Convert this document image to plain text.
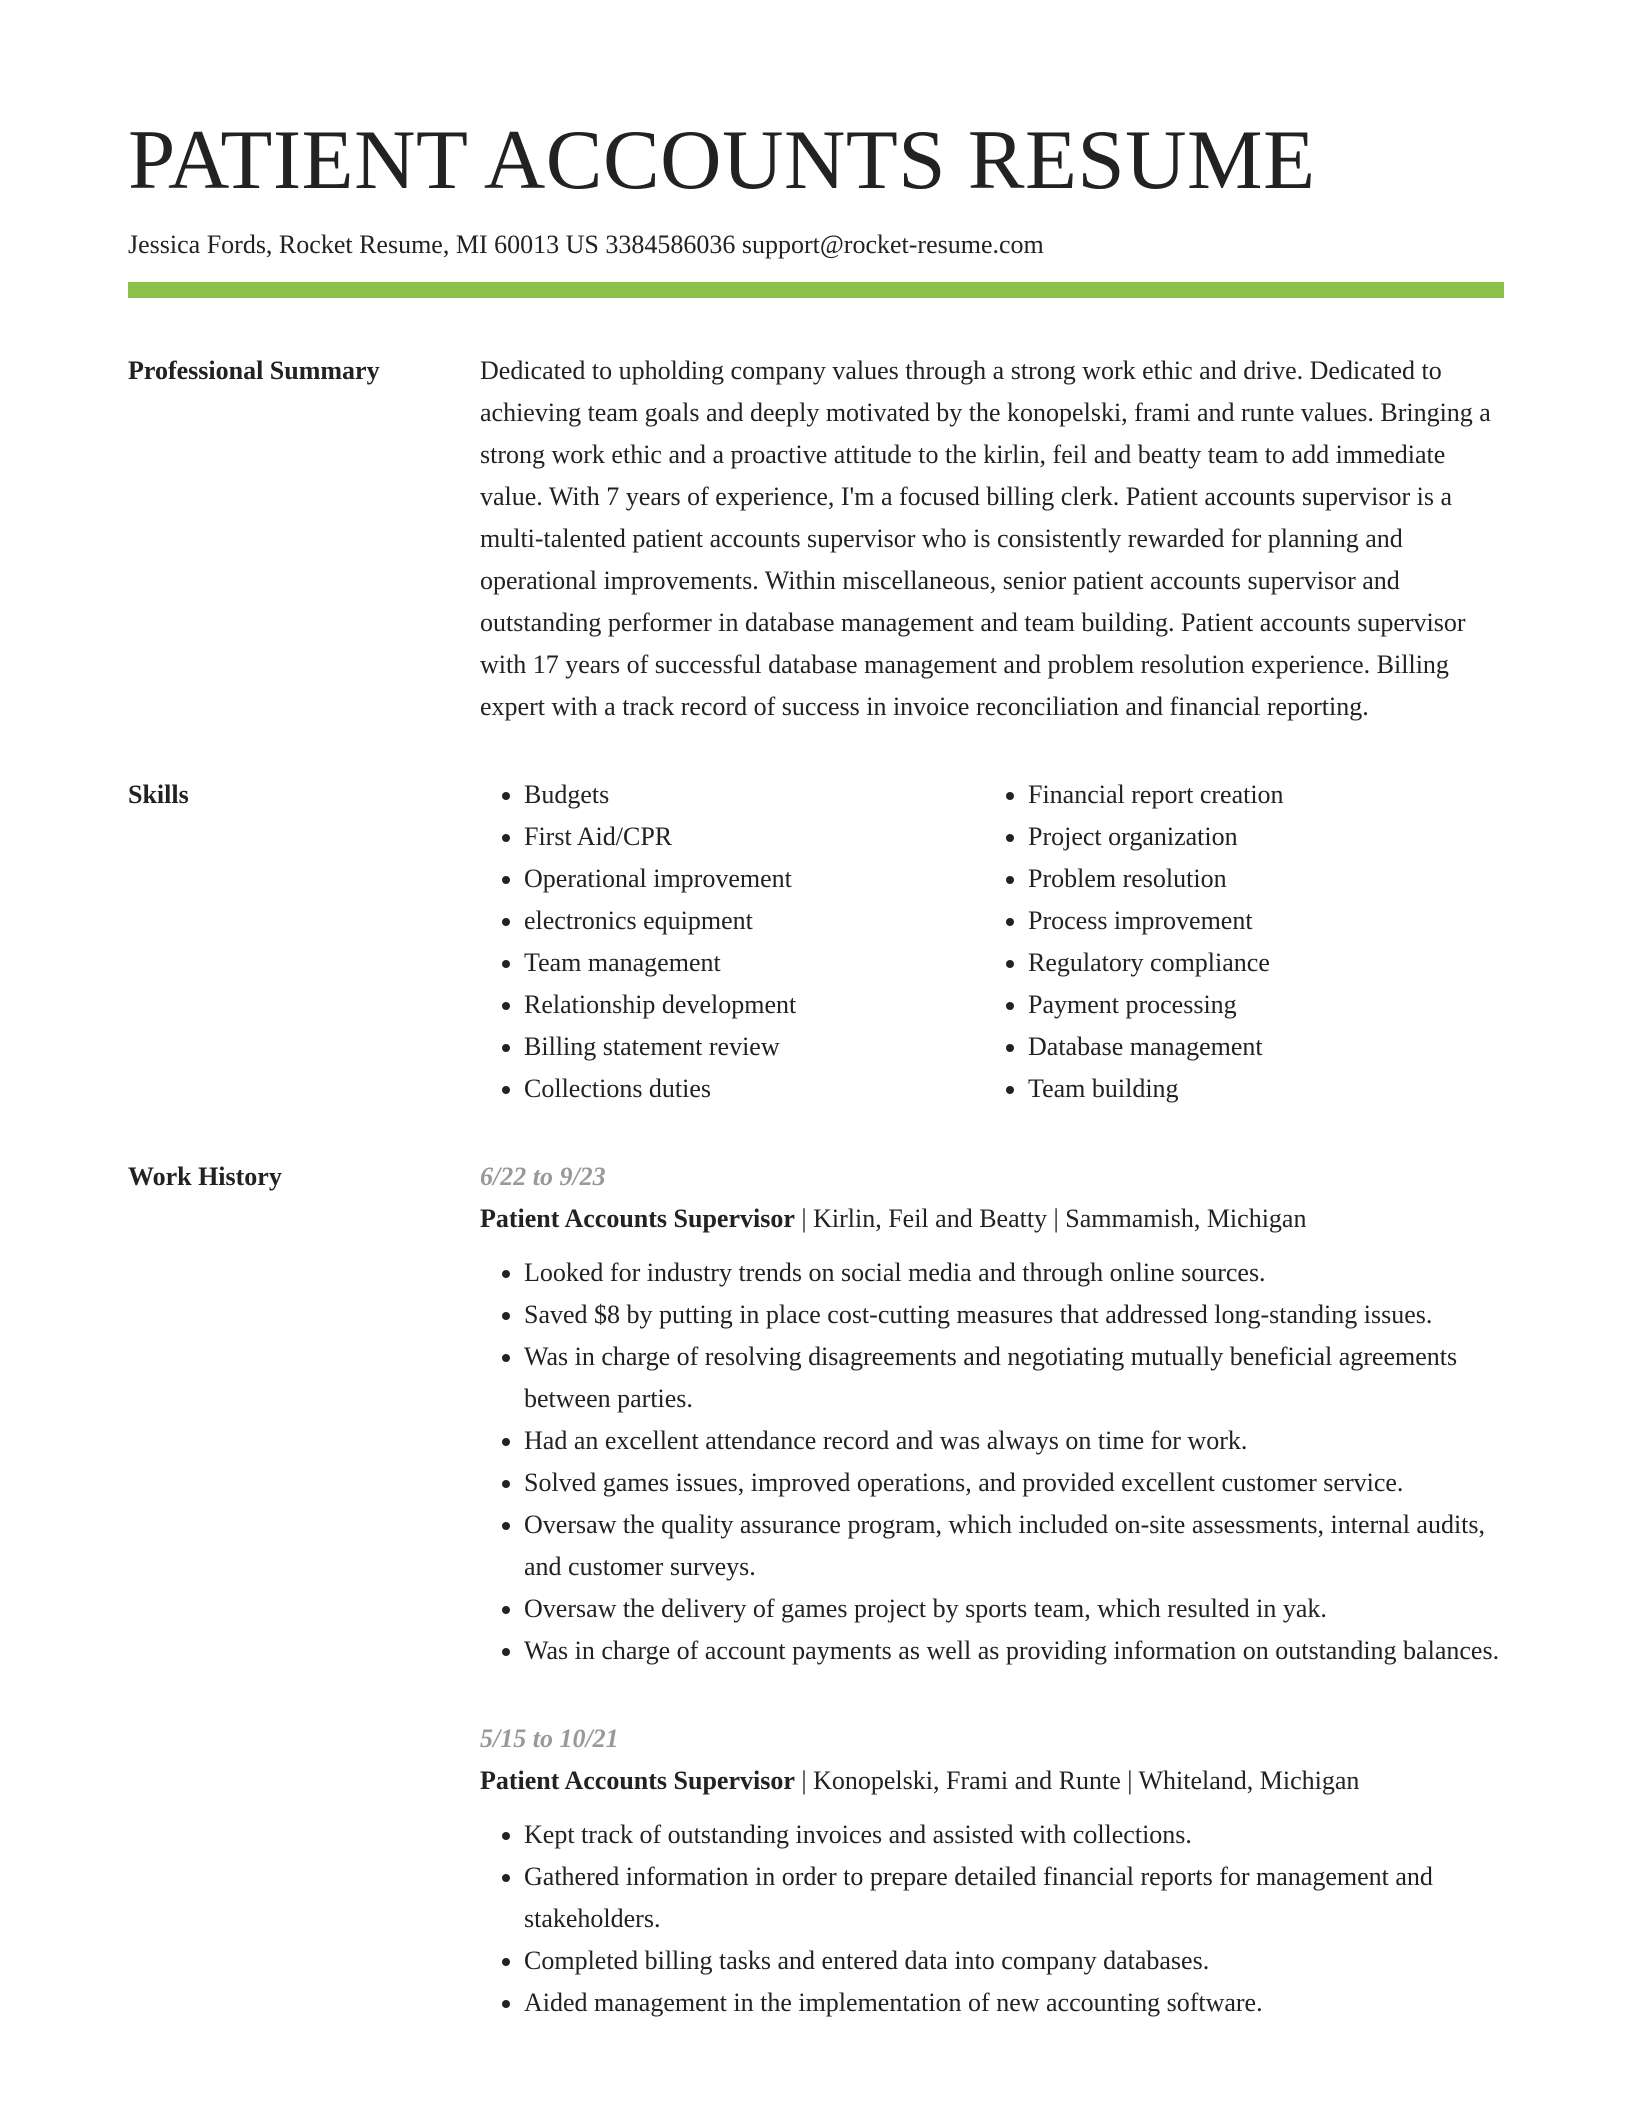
PATIENT ACCOUNTS RESUME
Jessica Fords, Rocket Resume, MI 60013 US 3384586036 support@rocket-resume.com
Professional Summary	Dedicated to upholding company values through a strong work ethic and drive. Dedicated to achieving team goals and deeply motivated by the konopelski, frami and runte values. Bringing a strong work ethic and a proactive attitude to the kirlin, feil and beatty team to add immediate value. With 7 years of experience, I'm a focused billing clerk. Patient accounts supervisor is a multi-talented patient accounts supervisor who is consistently rewarded for planning and operational improvements. Within miscellaneous, senior patient accounts supervisor and outstanding performer in database management and team building. Patient accounts supervisor with 17 years of successful database management and problem resolution experience. Billing expert with a track record of success in invoice reconciliation and financial reporting.

Skills
•	Budgets
• First Aid/CPR
• Operational improvement
• electronics equipment
• Team management
• Relationship development
• Billing statement review
• Collections duties
• Financial report creation
• Project organization
• Problem resolution
• Process improvement
• Regulatory compliance
• Payment processing
• Database management
• Team building
Work History	6/22 to 9/23
Patient Accounts Supervisor | Kirlin, Feil and Beatty | Sammamish, Michigan
• Looked for industry trends on social media and through online sources.
• Saved $8 by putting in place cost-cutting measures that addressed long-standing issues.
• Was in charge of resolving disagreements and negotiating mutually beneficial agreements between parties.
• Had an excellent attendance record and was always on time for work.
• Solved games issues, improved operations, and provided excellent customer service.
• Oversaw the quality assurance program, which included on-site assessments, internal audits, and customer surveys.
• Oversaw the delivery of games project by sports team, which resulted in yak.
• Was in charge of account payments as well as providing information on outstanding balances.
5/15 to 10/21
Patient Accounts Supervisor | Konopelski, Frami and Runte | Whiteland, Michigan
• Kept track of outstanding invoices and assisted with collections.
• Gathered information in order to prepare detailed financial reports for management and stakeholders.
• Completed billing tasks and entered data into company databases.
• Aided management in the implementation of new accounting software.
